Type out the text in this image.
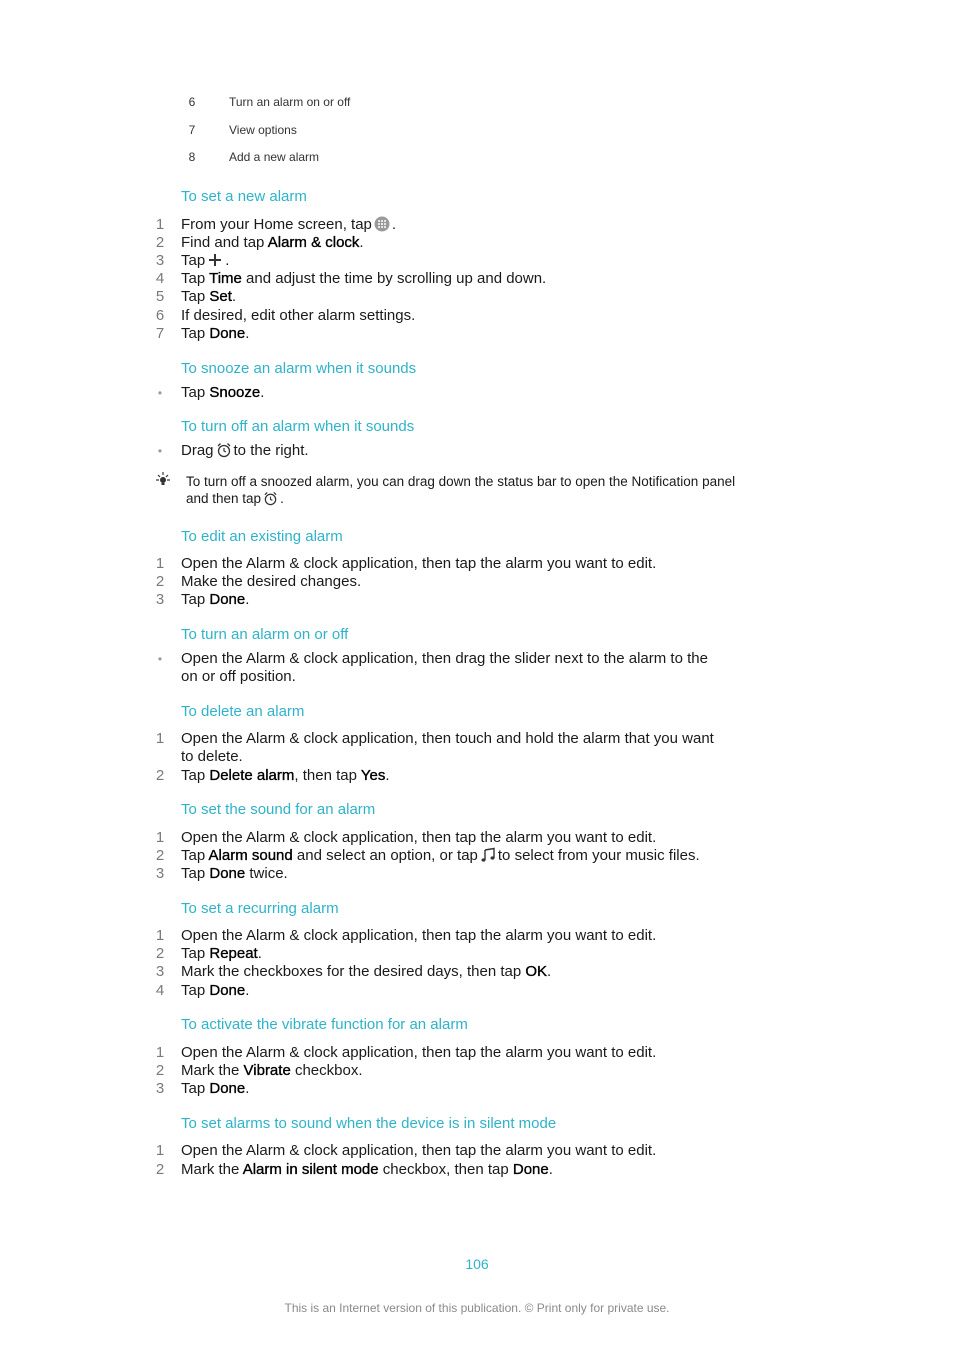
6	Turn an alarm on or off
7	View options
8	Add a new alarm
To set a new alarm
1	From your Home screen, tap .
2	Find and tap Alarm & clock.
3	Tap .
4	Tap Time and adjust the time by scrolling up and down.
5	Tap Set.
6	If desired, edit other alarm settings.
7	Tap Done.
To snooze an alarm when it sounds
•	Tap Snooze.
To turn off an alarm when it sounds
•	Drag to the right.
To turn off a snoozed alarm, you can drag down the status bar to open the Notification panel
and then tap .
To edit an existing alarm
1	Open the Alarm & clock application, then tap the alarm you want to edit.
2	Make the desired changes.
3	Tap Done.
To turn an alarm on or off
•	Open the Alarm & clock application, then drag the slider next to the alarm to the
on or off position.
To delete an alarm
1	Open the Alarm & clock application, then touch and hold the alarm that you want
to delete.
2	Tap Delete alarm, then tap Yes.
To set the sound for an alarm
1	Open the Alarm & clock application, then tap the alarm you want to edit.
2	Tap Alarm sound and select an option, or tap to select from your music files.
3	Tap Done twice.
To set a recurring alarm
1	Open the Alarm & clock application, then tap the alarm you want to edit.
2	Tap Repeat.
3	Mark the checkboxes for the desired days, then tap OK.
4	Tap Done.
To activate the vibrate function for an alarm
1	Open the Alarm & clock application, then tap the alarm you want to edit.
2	Mark the Vibrate checkbox.
3	Tap Done.
To set alarms to sound when the device is in silent mode
1	Open the Alarm & clock application, then tap the alarm you want to edit.
2	Mark the Alarm in silent mode checkbox, then tap Done.
106
This is an Internet version of this publication. © Print only for private use.
